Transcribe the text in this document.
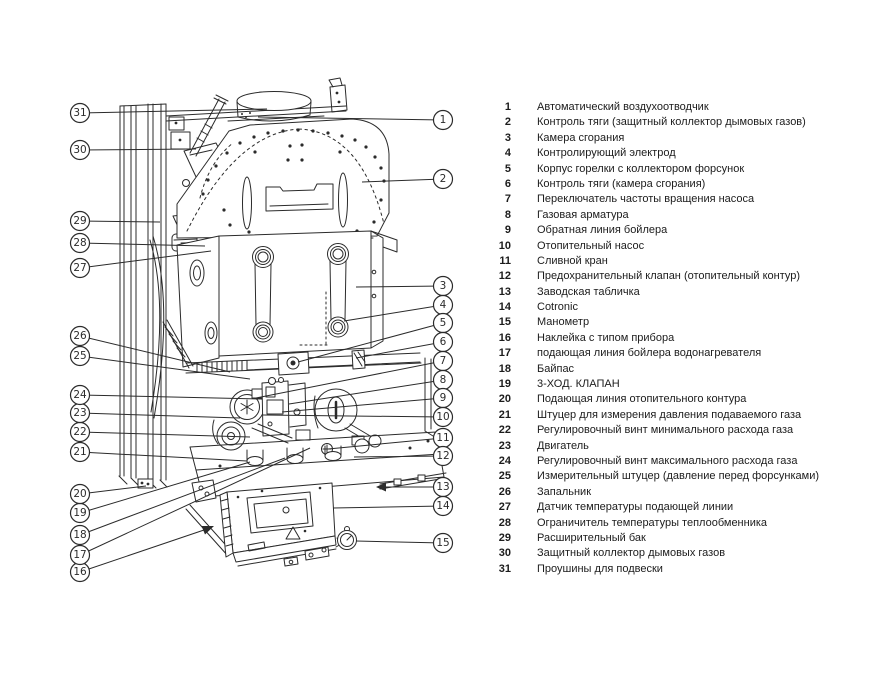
1
2
3
4
5
6
7
8
9
10
11
12
13
14
15
16
17
18
19
20
21
22
23
24
25
26
27
28
29
30
31	1 Автоматический воздухоотводчик
2 Контроль тяги (защитный коллектор дымовых газов)
3 Камера сгорания
4 Контролирующий электрод
5 Корпус горелки с коллектором форсунок
6 Контроль тяги (камера сгорания)
7 Переключатель частоты вращения насоса
8 Газовая арматура
9 Обратная линия бойлера
10 Отопительный насос
11 Сливной кран
12 Предохранительный клапан (отопительный контур)
13 Заводская табличка
14 Cotronic
15 Манометр
16 Наклейка с типом прибора
17 подающая линия бойлера водонагревателя
18 Байпас
19 3-ХОД. КЛАПАН
20 Подающая линия отопительного контура
21 Штуцер для измерения давления подаваемого газа
22 Регулировочный винт минимального расхода газа
23 Двигатель
24 Регулировочный винт максимального расхода газа
25 Измерительный штуцер (давление перед форсунками)
26 Запальник
27 Датчик температуры подающей линии
28 Ограничитель температуры теплообменника
29 Расширительный бак
30 Защитный коллектор дымовых газов
31 Проушины для подвески
